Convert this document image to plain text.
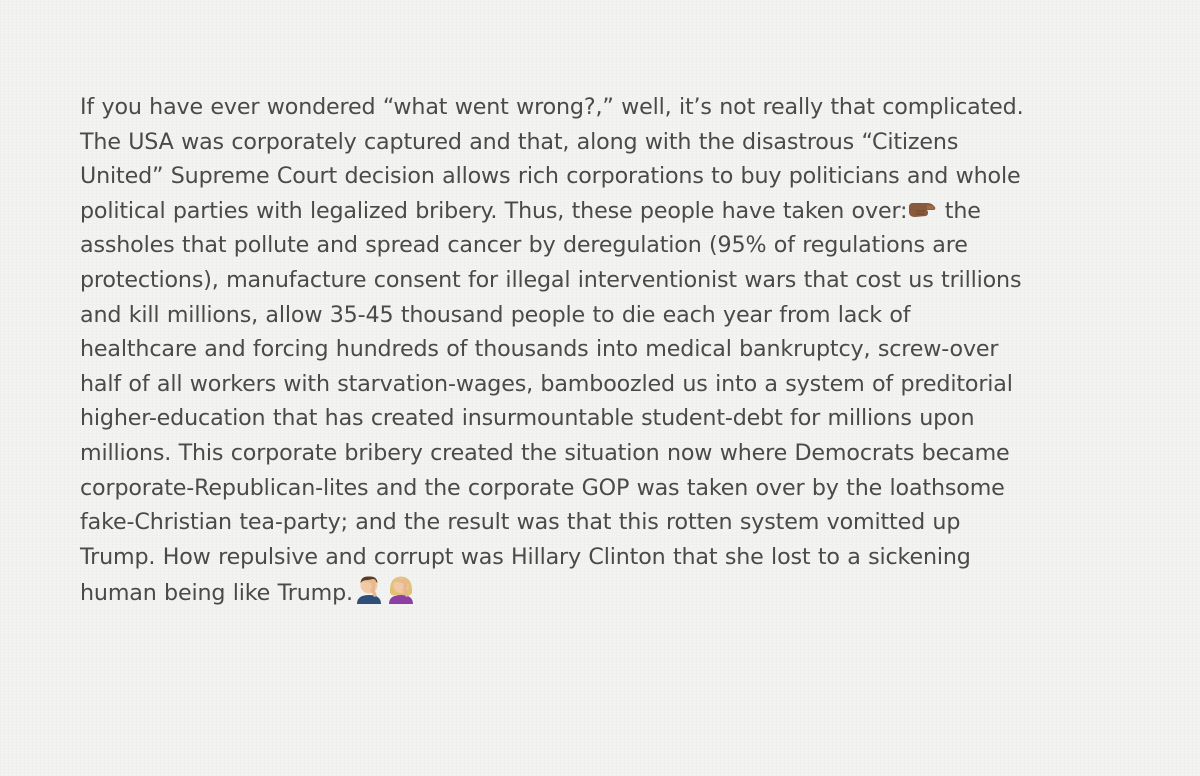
If you have ever wondered “what went wrong?,” well, it’s not really that complicated.
The USA was corporately captured and that, along with the disastrous “Citizens
United” Supreme Court decision allows rich corporations to buy politicians and whole
political parties with legalized bribery. Thus, these people have taken over:
the
assholes that pollute and spread cancer by deregulation (95% of regulations are
protections), manufacture consent for illegal interventionist wars that cost us trillions
and kill millions, allow 35-45 thousand people to die each year from lack of
healthcare and forcing hundreds of thousands into medical bankruptcy, screw-over
half of all workers with starvation-wages, bamboozled us into a system of preditorial
higher-education that has created insurmountable student-debt for millions upon
millions. This corporate bribery created the situation now where Democrats became
corporate-Republican-lites and the corporate GOP was taken over by the loathsome
fake-Christian tea-party; and the result was that this rotten system vomitted up
Trump. How repulsive and corrupt was Hillary Clinton that she lost to a sickening
human being like Trump.
